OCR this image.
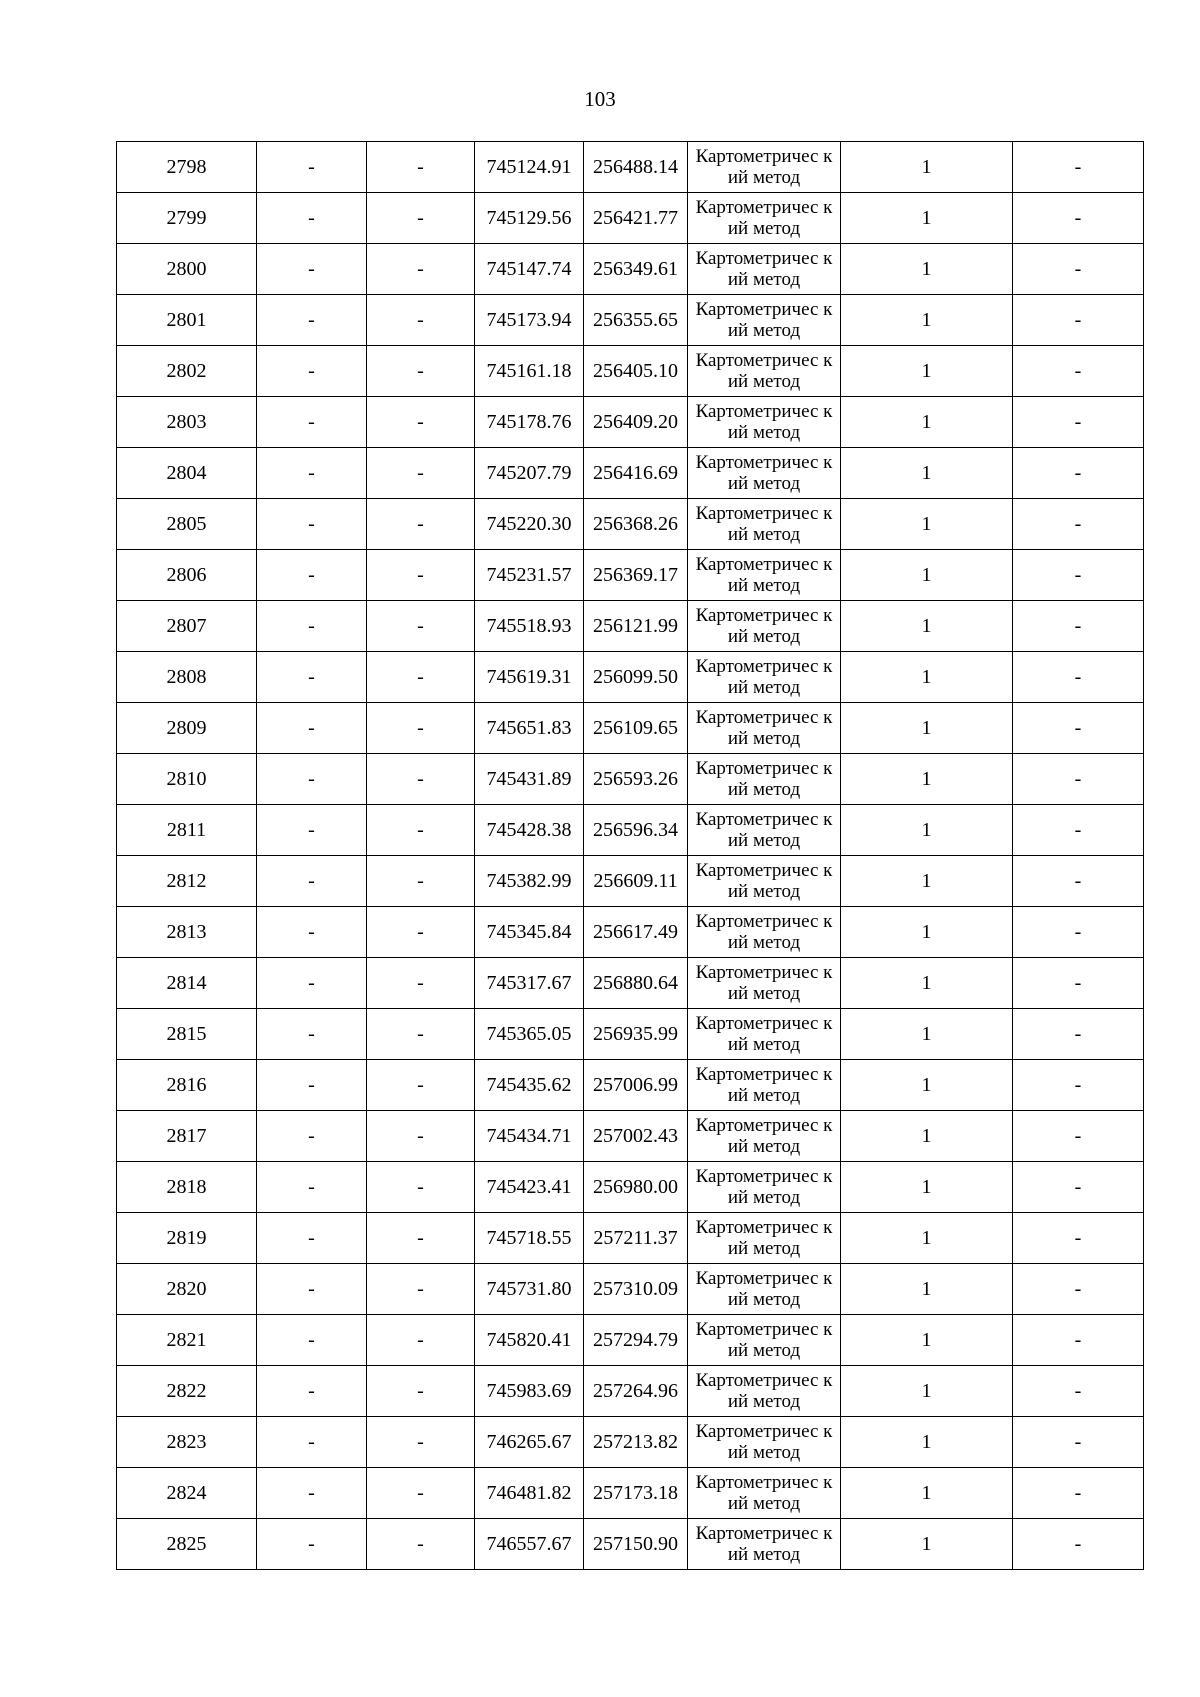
103
2798	-	-	745124.91	256488.14	Картометричес кий метод	1	-
2799	-	-	745129.56	256421.77	Картометричес кий метод	1	-
2800	-	-	745147.74	256349.61	Картометричес кий метод	1	-
2801	-	-	745173.94	256355.65	Картометричес кий метод	1	-
2802	-	-	745161.18	256405.10	Картометричес кий метод	1	-
2803	-	-	745178.76	256409.20	Картометричес кий метод	1	-
2804	-	-	745207.79	256416.69	Картометричес кий метод	1	-
2805	-	-	745220.30	256368.26	Картометричес кий метод	1	-
2806	-	-	745231.57	256369.17	Картометричес кий метод	1	-
2807	-	-	745518.93	256121.99	Картометричес кий метод	1	-
2808	-	-	745619.31	256099.50	Картометричес кий метод	1	-
2809	-	-	745651.83	256109.65	Картометричес кий метод	1	-
2810	-	-	745431.89	256593.26	Картометричес кий метод	1	-
2811	-	-	745428.38	256596.34	Картометричес кий метод	1	-
2812	-	-	745382.99	256609.11	Картометричес кий метод	1	-
2813	-	-	745345.84	256617.49	Картометричес кий метод	1	-
2814	-	-	745317.67	256880.64	Картометричес кий метод	1	-
2815	-	-	745365.05	256935.99	Картометричес кий метод	1	-
2816	-	-	745435.62	257006.99	Картометричес кий метод	1	-
2817	-	-	745434.71	257002.43	Картометричес кий метод	1	-
2818	-	-	745423.41	256980.00	Картометричес кий метод	1	-
2819	-	-	745718.55	257211.37	Картометричес кий метод	1	-
2820	-	-	745731.80	257310.09	Картометричес кий метод	1	-
2821	-	-	745820.41	257294.79	Картометричес кий метод	1	-
2822	-	-	745983.69	257264.96	Картометричес кий метод	1	-
2823	-	-	746265.67	257213.82	Картометричес кий метод	1	-
2824	-	-	746481.82	257173.18	Картометричес кий метод	1	-
2825	-	-	746557.67	257150.90	Картометричес кий метод	1	-
